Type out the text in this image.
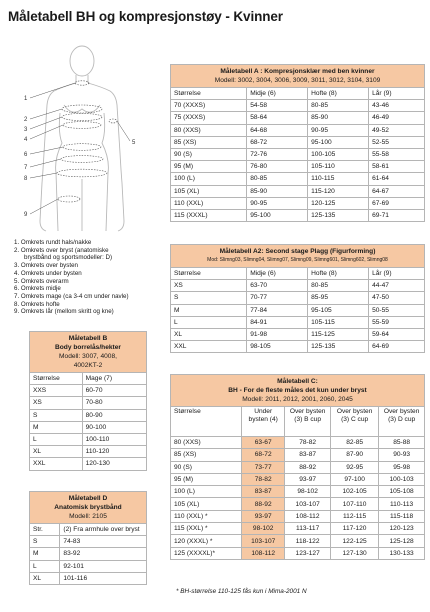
Måletabell BH og kompresjonstøy - Kvinner
1
2
3
4	5
6
7
8
9
1. Omkrets rundt hals/nakke
2. Omkrets over bryst (anatomiske
brystbånd og sportsmodeller: D)
3. Omkrets over bysten
4. Omkrets under bysten
5. Omkrets overarm
6. Omkrets midje
7. Omkrets mage (ca 3-4 cm under navle)
8. Omkrets hofte
9. Omkrets lår (mellom skritt og kne)
Måletabell A : Kompresjonsklær med ben kvinner
Modell: 3002, 3004, 3006, 3009, 3011, 3012, 3104, 3109			

Størrelse	Midje (6)	Hofte (8)	Lår (9)
70 (XXXS)	54-58	80-85	43-46
75 (XXXS)	58-64	85-90	46-49
80 (XXS)	64-68	90-95	49-52
85 (XS)	68-72	95-100	52-55
90 (S)	72-76	100-105	55-58
95 (M)	76-80	105-110	58-61
100 (L)	80-85	110-115	61-64
105 (XL)	85-90	115-120	64-67
110 (XXL)	90-95	120-125	67-69
115 (XXXL)	95-100	125-135	69-71
Måletabell A2: Second stage Plagg (Figurforming)
Mod: Slimng03, Slimng04, Slimng07, Slimng09, Slimng601, Slimng602, Slimng08			

Størrelse	Midje (6)	Hofte (8)	Lår (9)
XS	63-70	80-85	44-47
S	70-77	85-95	47-50
M	77-84	95-105	50-55
L	84-91	105-115	55-59
XL	91-98	115-125	59-64
XXL	98-105	125-135	64-69
Måletabell B
Body borrelås/hekter
Modell: 3007, 4008,
4002KT-2	

Størrelse	Mage (7)
XXS	60-70
XS	70-80
S	80-90
M	90-100
L	100-110
XL	110-120
XXL	120-130
Måletabell D
Anatomisk brystbånd
Modell: 2105	

Str.	(2) Fra armhule over bryst
S	74-83
M	83-92
L	92-101
XL	101-116
Måletabell C:
BH - For de fleste måles det kun under bryst
Modell: 2011, 2012, 2001, 2060, 2045				

Størrelse	Under bysten (4)	Over bysten (3) B cup	Over bysten (3) C cup	Over bysten (3) D cup
80 (XXS)	63-67	78-82	82-85	85-88
85 (XS)	68-72	83-87	87-90	90-93
90 (S)	73-77	88-92	92-95	95-98
95 (M)	78-82	93-97	97-100	100-103
100 (L)	83-87	98-102	102-105	105-108
105 (XL)	88-92	103-107	107-110	110-113
110 (XXL) *	93-97	108-112	112-115	115-118
115 (XXL) *	98-102	113-117	117-120	120-123
120 (XXXL) *	103-107	118-122	122-125	125-128
125 (XXXXL)*	108-112	123-127	127-130	130-133
* BH-størrelse 110-125 fås kun i Mima-2001 N
